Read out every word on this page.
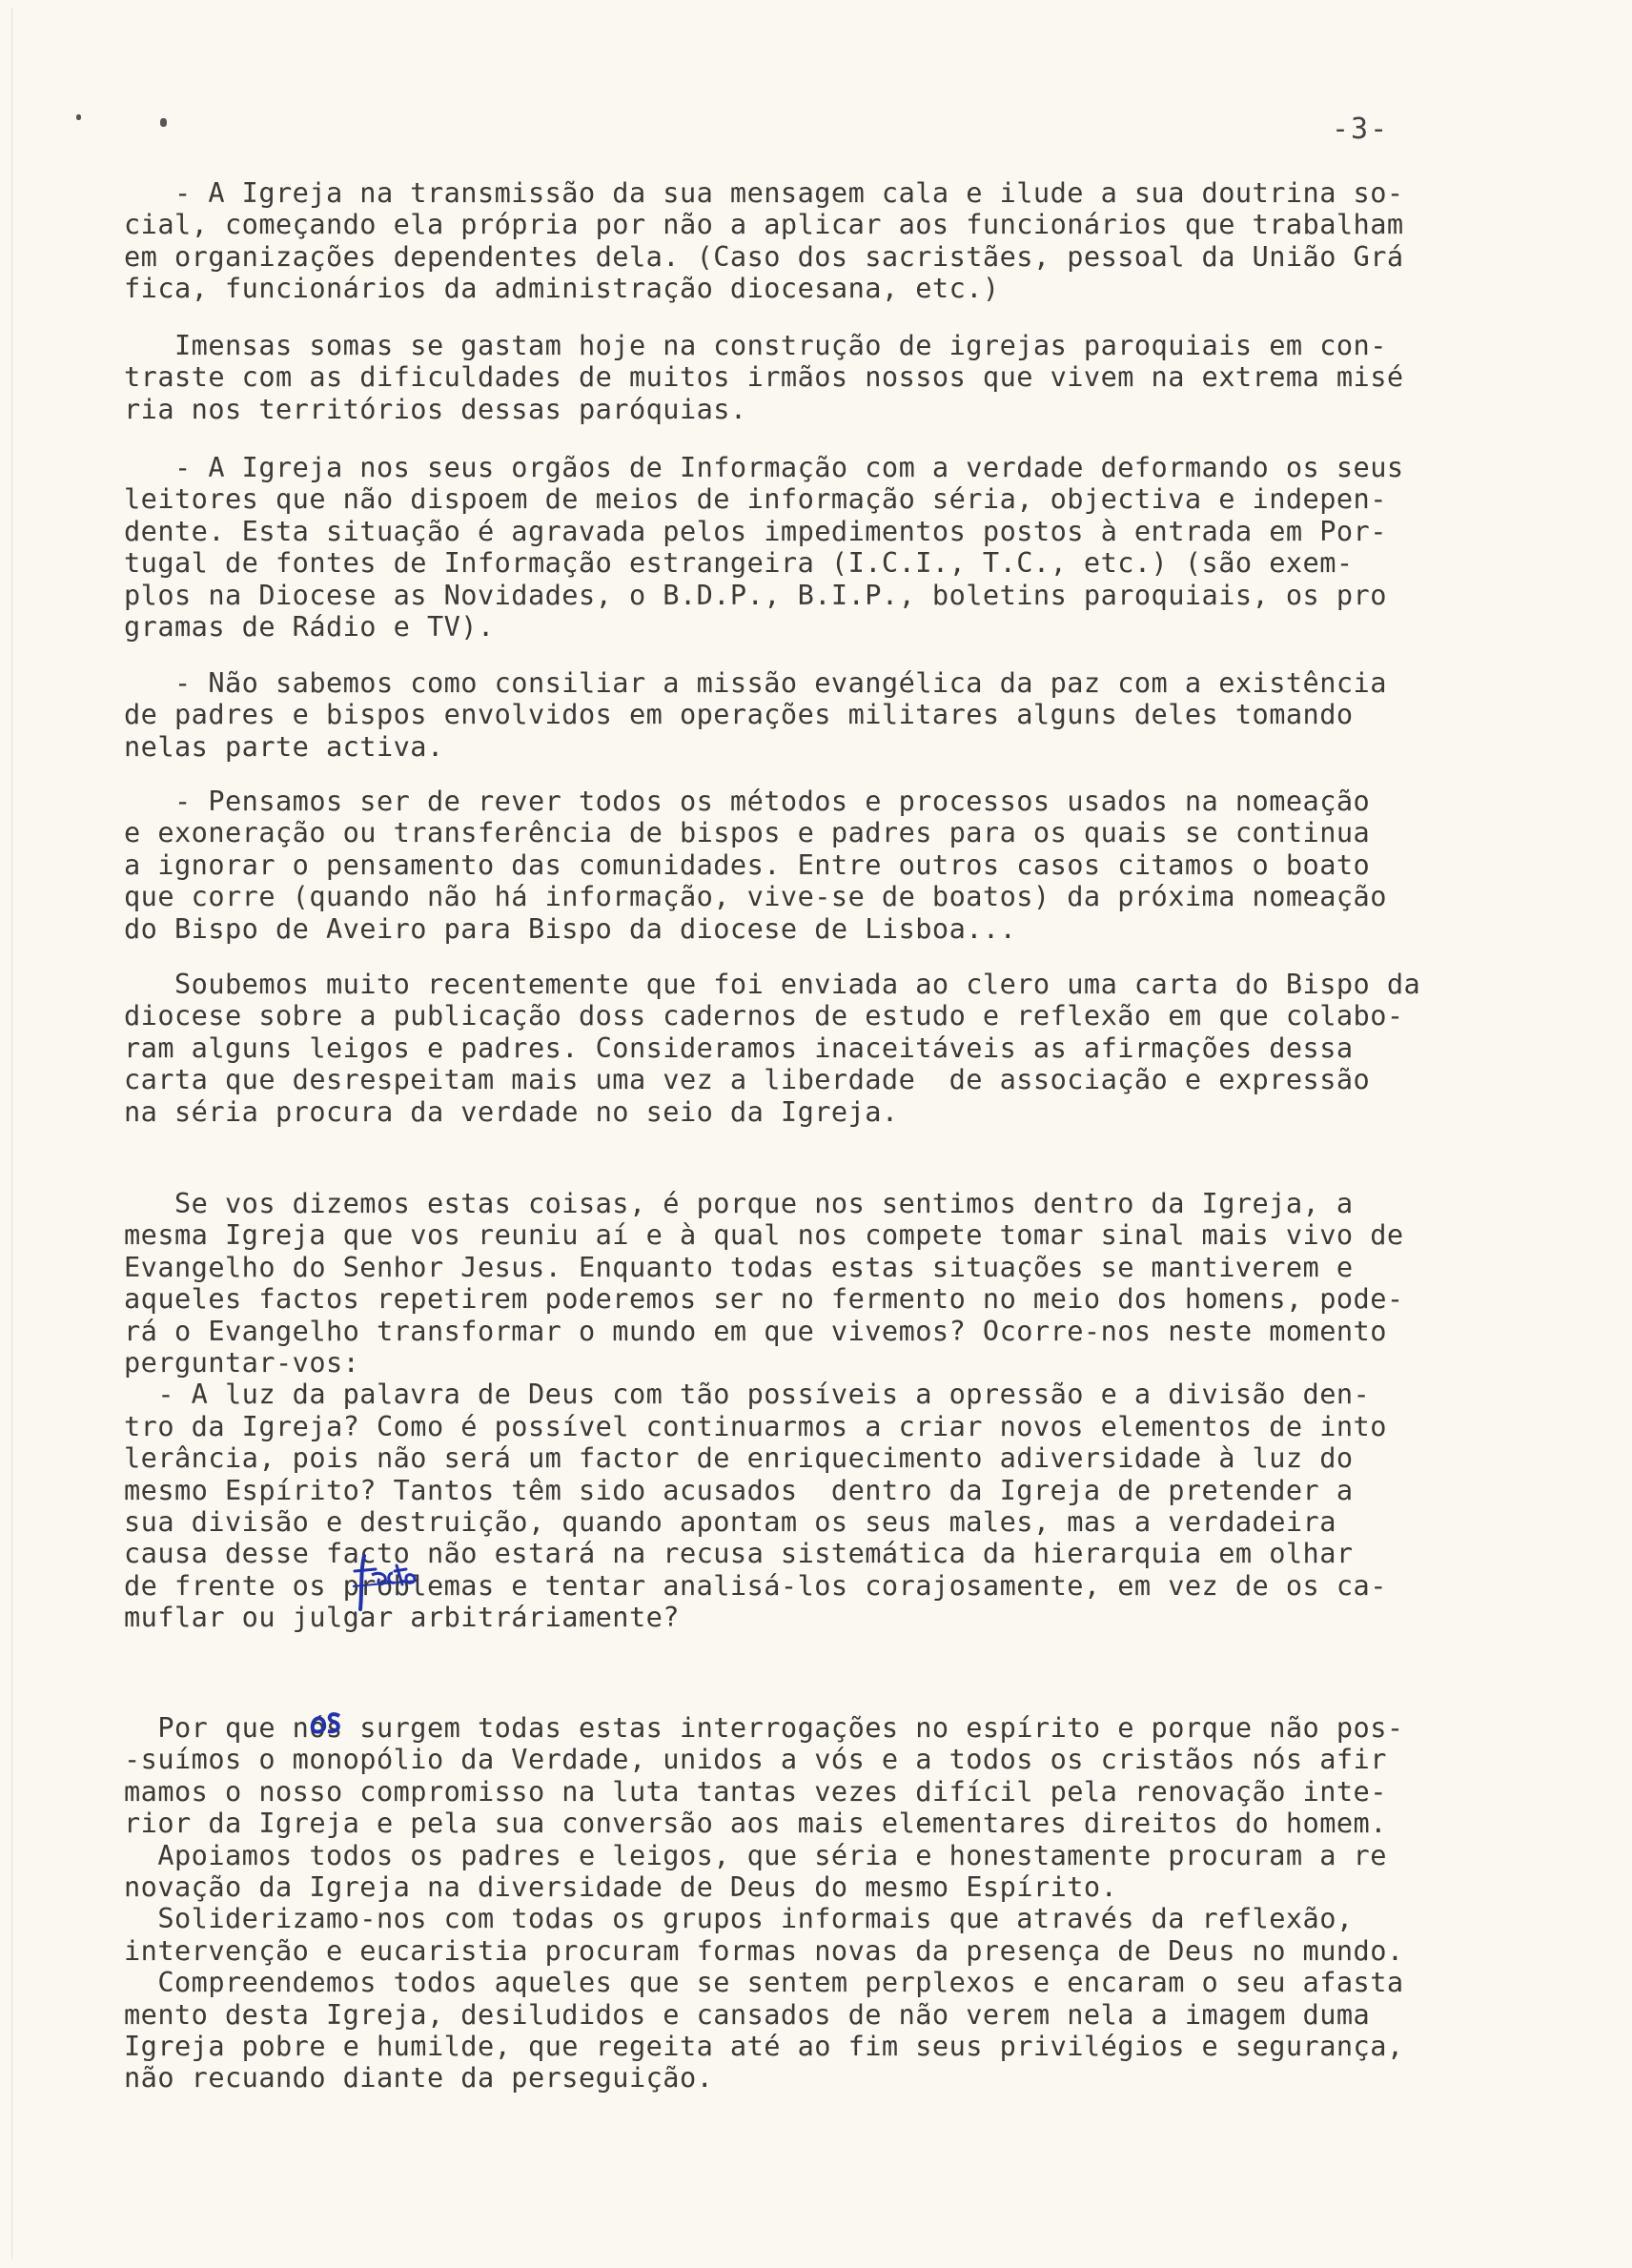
-3-
- A Igreja na transmissão da sua mensagem cala e ilude a sua doutrina so-
cial, começando ela própria por não a aplicar aos funcionários que trabalham
em organizações dependentes dela. (Caso dos sacristães, pessoal da União Grá
fica, funcionários da administração diocesana, etc.)
Imensas somas se gastam hoje na construção de igrejas paroquiais em con-
traste com as dificuldades de muitos irmãos nossos que vivem na extrema misé
ria nos territórios dessas paróquias.
- A Igreja nos seus orgãos de Informação com a verdade deformando os seus
leitores que não dispoem de meios de informação séria, objectiva e indepen-
dente. Esta situação é agravada pelos impedimentos postos à entrada em Por-
tugal de fontes de Informação estrangeira (I.C.I., T.C., etc.) (são exem-
plos na Diocese as Novidades, o B.D.P., B.I.P., boletins paroquiais, os pro
gramas de Rádio e TV).
- Não sabemos como consiliar a missão evangélica da paz com a existência
de padres e bispos envolvidos em operações militares alguns deles tomando
nelas parte activa.
- Pensamos ser de rever todos os métodos e processos usados na nomeação
e exoneração ou transferência de bispos e padres para os quais se continua
a ignorar o pensamento das comunidades. Entre outros casos citamos o boato
que corre (quando não há informação, vive-se de boatos) da próxima nomeação
do Bispo de Aveiro para Bispo da diocese de Lisboa...
Soubemos muito recentemente que foi enviada ao clero uma carta do Bispo da
diocese sobre a publicação doss cadernos de estudo e reflexão em que colabo-
ram alguns leigos e padres. Consideramos inaceitáveis as afirmações dessa
carta que desrespeitam mais uma vez a liberdade  de associação e expressão
na séria procura da verdade no seio da Igreja.
Se vos dizemos estas coisas, é porque nos sentimos dentro da Igreja, a
mesma Igreja que vos reuniu aí e à qual nos compete tomar sinal mais vivo de
Evangelho do Senhor Jesus. Enquanto todas estas situações se mantiverem e
aqueles factos repetirem poderemos ser no fermento no meio dos homens, pode-
rá o Evangelho transformar o mundo em que vivemos? Ocorre-nos neste momento
perguntar-vos:
- A luz da palavra de Deus com tão possíveis a opressão e a divisão den-
tro da Igreja? Como é possível continuarmos a criar novos elementos de into
lerância, pois não será um factor de enriquecimento adiversidade à luz do
mesmo Espírito? Tantos têm sido acusados  dentro da Igreja de pretender a
sua divisão e destruição, quando apontam os seus males, mas a verdadeira
causa desse facto não estará na recusa sistemática da hierarquia em olhar
de frente os problemas e tentar analisá-los corajosamente, em vez de os ca-
muflar ou julgar arbitráriamente?
Por que nós surgem todas estas interrogações no espírito e porque não pos-
-suímos o monopólio da Verdade, unidos a vós e a todos os cristãos nós afir
mamos o nosso compromisso na luta tantas vezes difícil pela renovação inte-
rior da Igreja e pela sua conversão aos mais elementares direitos do homem.
Apoiamos todos os padres e leigos, que séria e honestamente procuram a re
novação da Igreja na diversidade de Deus do mesmo Espírito.
Soliderizamo-nos com todas os grupos informais que através da reflexão,
intervenção e eucaristia procuram formas novas da presença de Deus no mundo.
Compreendemos todos aqueles que se sentem perplexos e encaram o seu afasta
mento desta Igreja, desiludidos e cansados de não verem nela a imagem duma
Igreja pobre e humilde, que regeita até ao fim seus privilégios e segurança,
não recuando diante da perseguição.
